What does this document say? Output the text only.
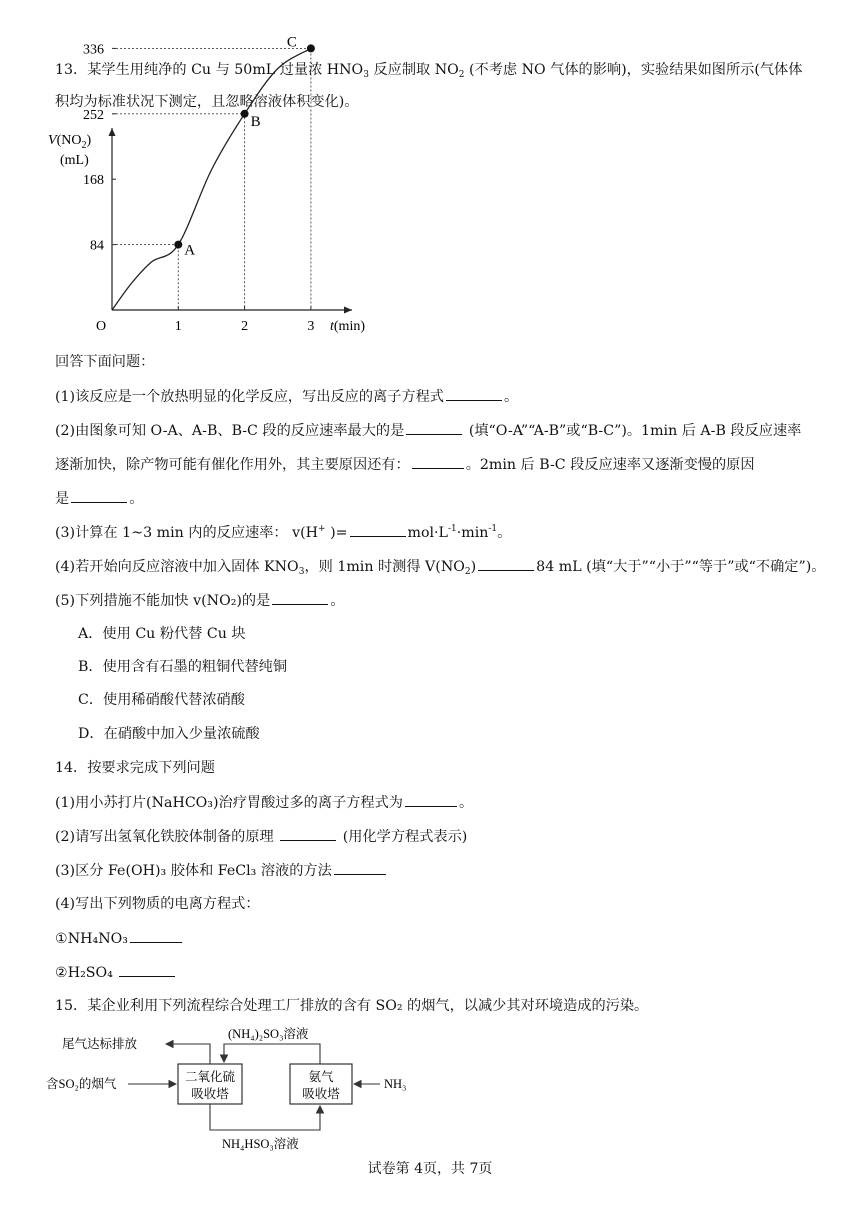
13．某学生用纯净的 Cu 与 50mL 过量浓 $HNO_3$ 反应制取 $NO_2$ (不考虑 NO 气体的影响)，实验结果如图所示(气体体
积均为标准状况下测定，且忽略溶液体积变化)。
$V(NO_2)$
(mL)
t(min)
O	1	2	3
84
168
252
336
A
B
C
回答下面问题：
(1)该反应是一个放热明显的化学反应，写出反应的离子方程式	。
(2)由图象可知 O-A、A-B、B-C 段的反应速率最大的是	(填“O-A”“A-B”或“B-C”)。1min 后 A-B 段反应速率
逐渐加快，除产物可能有催化作用外，其主要原因还有：	。2min 后 B-C 段反应速率又逐渐变慢的原因
是	。
(3)计算在 1~3 min 内的反应速率： v(H+ )=	$mol\cdot L^{-1}\cdot\min^{-1}$。
(4)若开始向反应溶液中加入固体 $KNO_3$，则 1min 时测得 $V(NO_2)$	84 mL (填“大于”“小于”“等于”或“不确定”)。
(5)下列措施不能加快 v(NO₂)的是	。
A．使用 Cu 粉代替 Cu 块
B．使用含有石墨的粗铜代替纯铜
C．使用稀硝酸代替浓硝酸
D．在硝酸中加入少量浓硫酸
14．按要求完成下列问题
(1)用小苏打片(NaHCO₃)治疗胃酸过多的离子方程式为	。
(2)请写出氢氧化铁胶体制备的原理	(用化学方程式表示)
(3)区分 Fe(OH)₃ 胶体和 FeCl₃ 溶液的方法
(4)写出下列物质的电离方程式：
①NH₄NO₃
②H₂SO₄
15．某企业利用下列流程综合处理工厂排放的含有 SO₂ 的烟气，以减少其对环境造成的污染。
尾气达标排放
(NH₄)₂SO₃溶液
含SO₂的烟气	二氧化硫
吸收塔
氨气
吸收塔
NH₃
NH₄HSO₃溶液
试卷第 4页，共 7页
